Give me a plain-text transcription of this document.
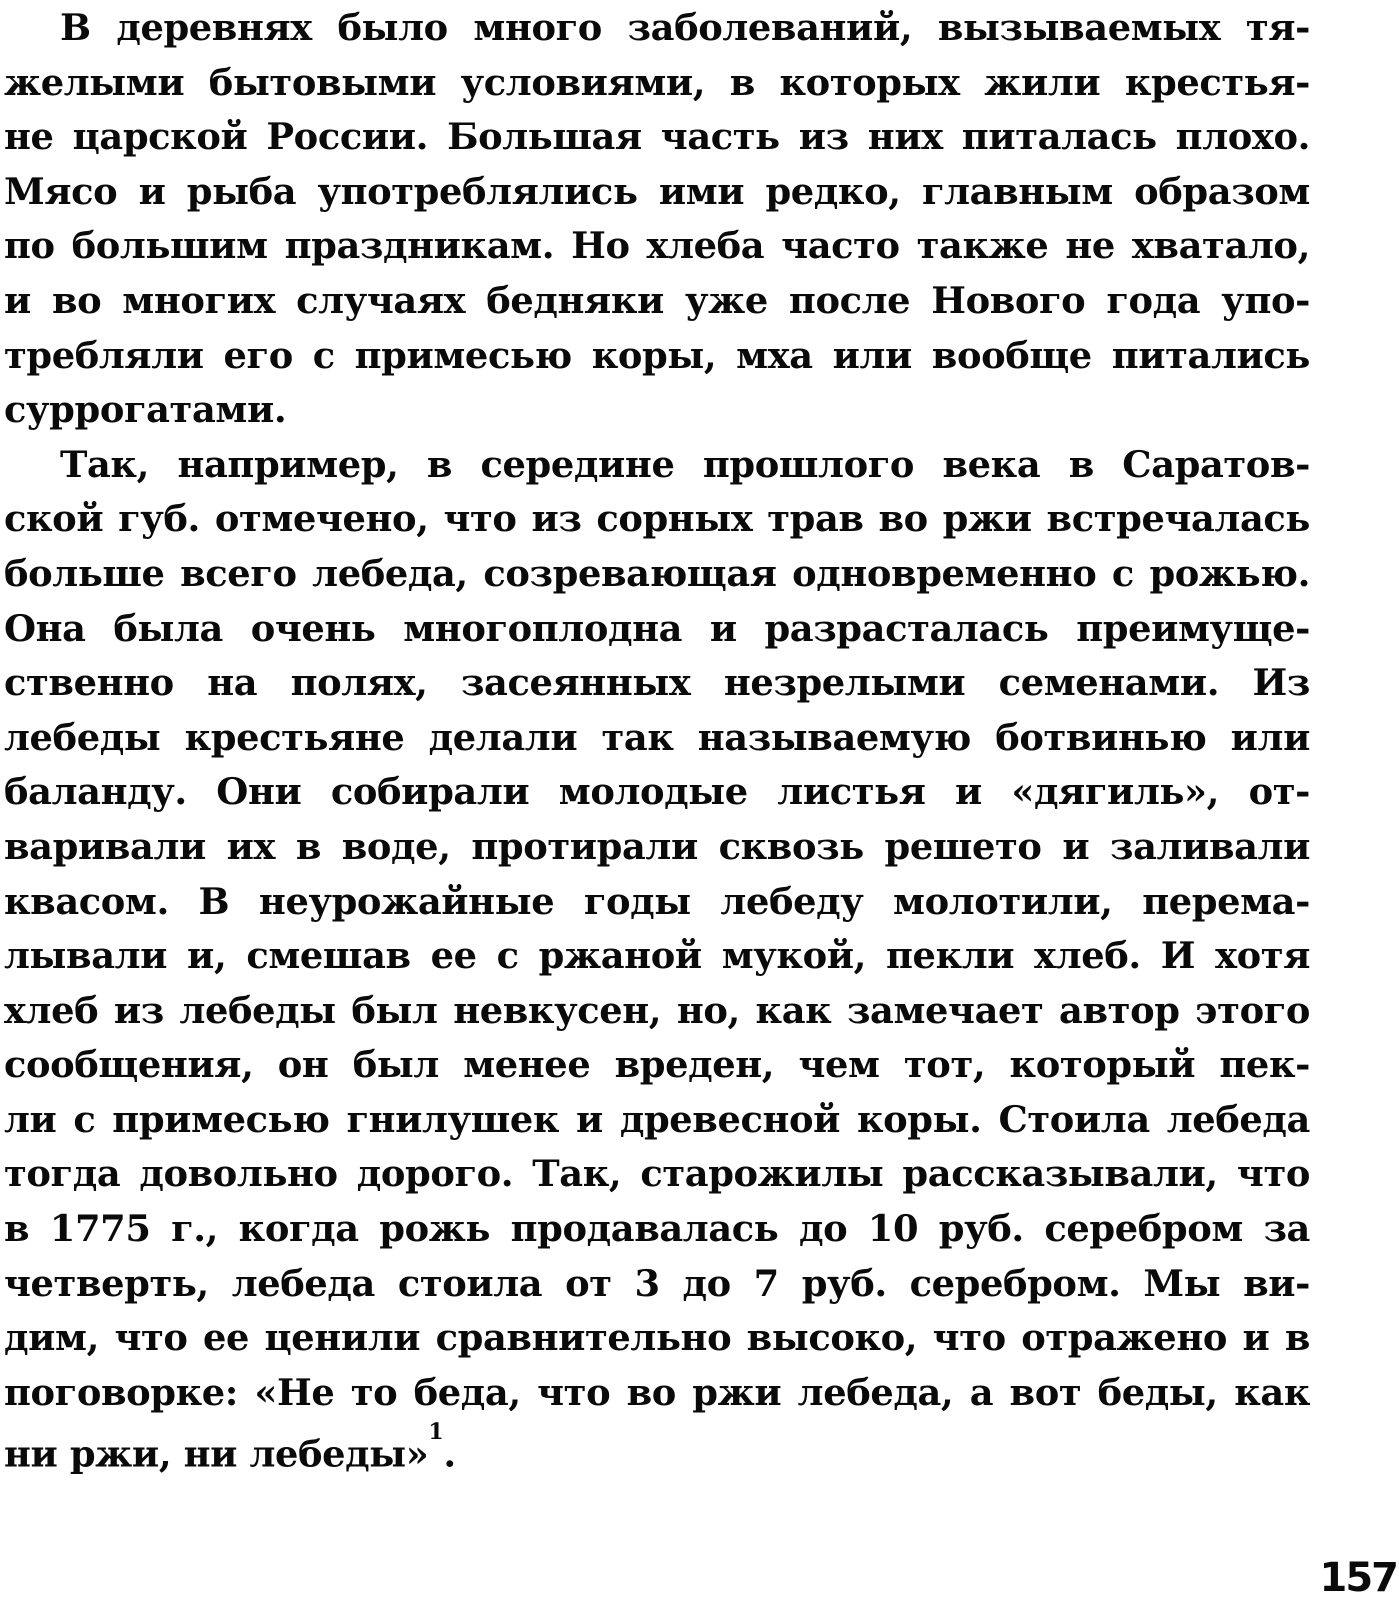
В деревнях было много заболеваний, вызываемых тя-
желыми бытовыми условиями, в которых жили крестья-
не царской России. Большая часть из них питалась плохо.
Мясо и рыба употреблялись ими редко, главным образом
по большим праздникам. Но хлеба часто также не хватало,
и во многих случаях бедняки уже после Нового года упо-
требляли его с примесью коры, мха или вообще питались
суррогатами.
Так, например, в середине прошлого века в Саратов-
ской губ. отмечено, что из сорных трав во ржи встречалась
больше всего лебеда, созревающая одновременно с рожью.
Она была очень многоплодна и разрасталась преимуще-
ственно на полях, засеянных незрелыми семенами. Из
лебеды крестьяне делали так называемую ботвинью или
баланду. Они собирали молодые листья и «дягиль», от-
варивали их в воде, протирали сквозь решето и заливали
квасом. В неурожайные годы лебеду молотили, перема-
лывали и, смешав ее с ржаной мукой, пекли хлеб. И хотя
хлеб из лебеды был невкусен, но, как замечает автор этого
сообщения, он был менее вреден, чем тот, который пек-
ли с примесью гнилушек и древесной коры. Стоила лебеда
тогда довольно дорого. Так, старожилы рассказывали, что
в 1775 г., когда рожь продавалась до 10 руб. серебром за
четверть, лебеда стоила от 3 до 7 руб. серебром. Мы ви-
дим, что ее ценили сравнительно высоко, что отражено и в
поговорке: «Не то беда, что во ржи лебеда, а вот беды, как
ни ржи, ни лебеды»$^1$.
157
